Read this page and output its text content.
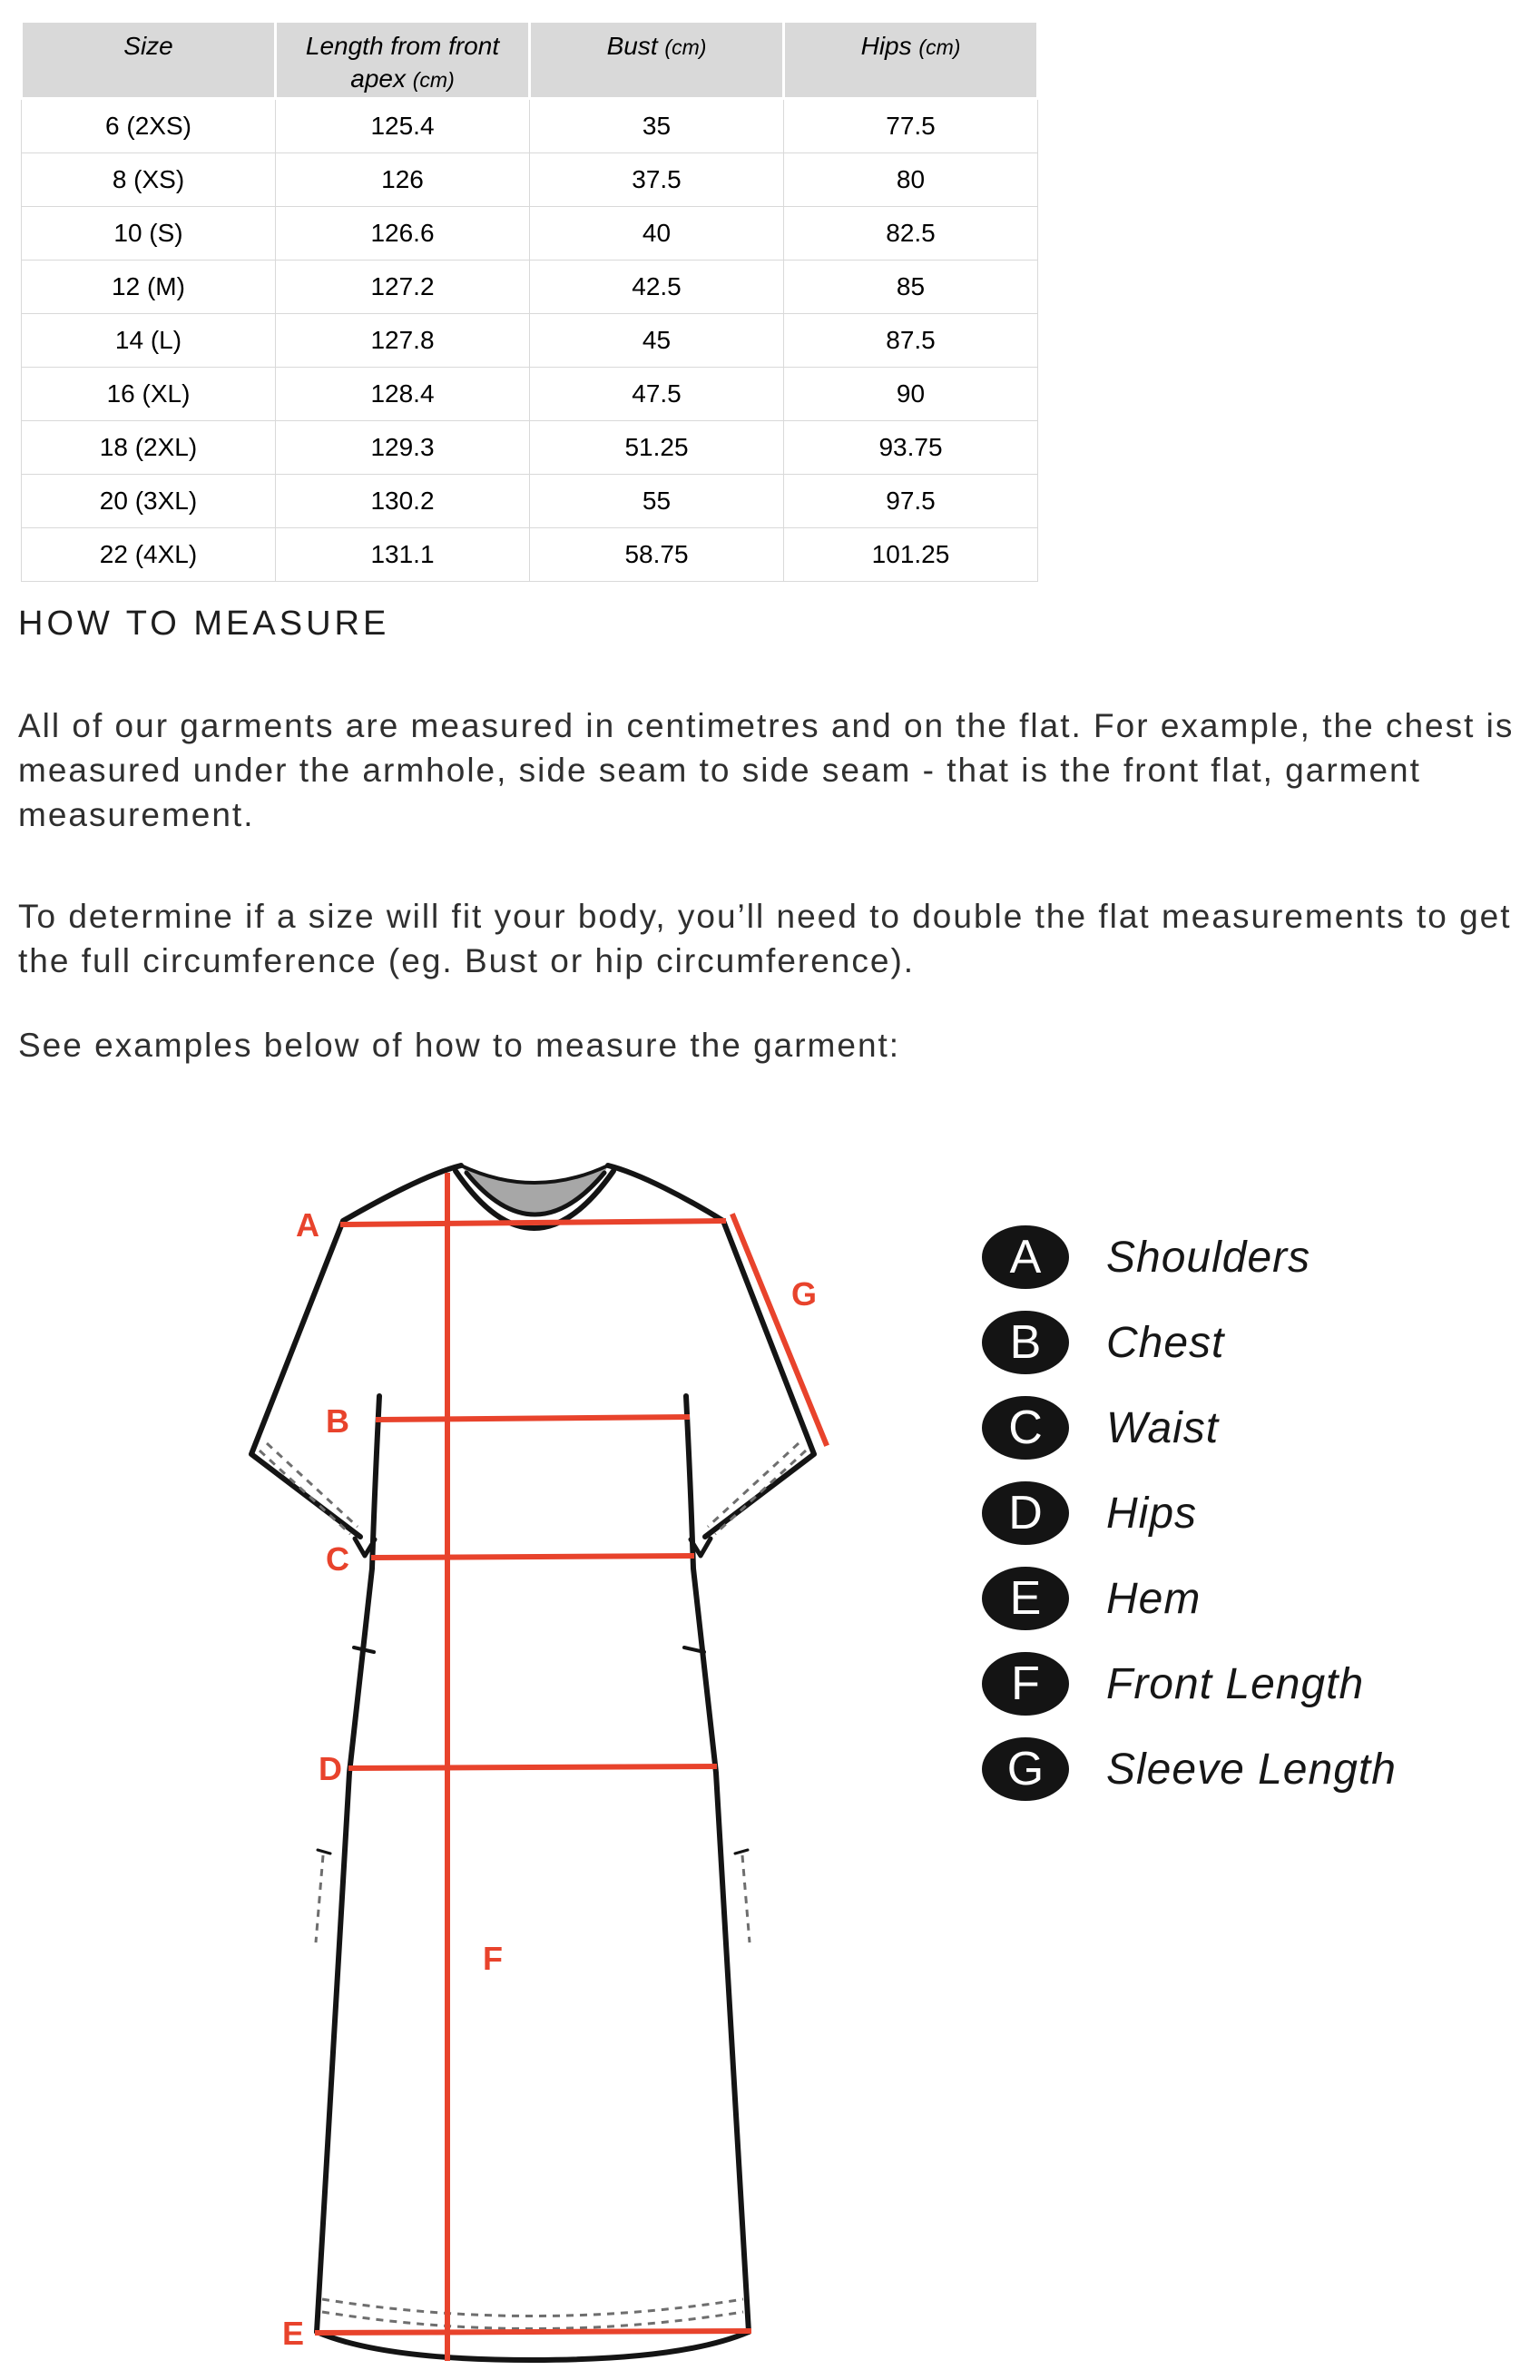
Size	Length from front apex (cm)	Bust (cm)	Hips (cm)
6 (2XS)	125.4	35	77.5
8 (XS)	126	37.5	80
10 (S)	126.6	40	82.5
12 (M)	127.2	42.5	85
14 (L)	127.8	45	87.5
16 (XL)	128.4	47.5	90
18 (2XL)	129.3	51.25	93.75
20 (3XL)	130.2	55	97.5
22 (4XL)	131.1	58.75	101.25
HOW TO MEASURE

All of our garments are measured in centimetres and on the flat. For example, the chest is measured under the armhole, side seam to side seam - that is the front flat, garment measurement.

To determine if a size will fit your body, you’ll need to double the flat measurements to get the full circumference (eg. Bust or hip circumference).

See examples below of how to measure the garment:

A
B
C
D
E
F
G
A	Shoulders
B	Chest
C	Waist
D	Hips
E	Hem
F	Front Length
G	Sleeve Length
